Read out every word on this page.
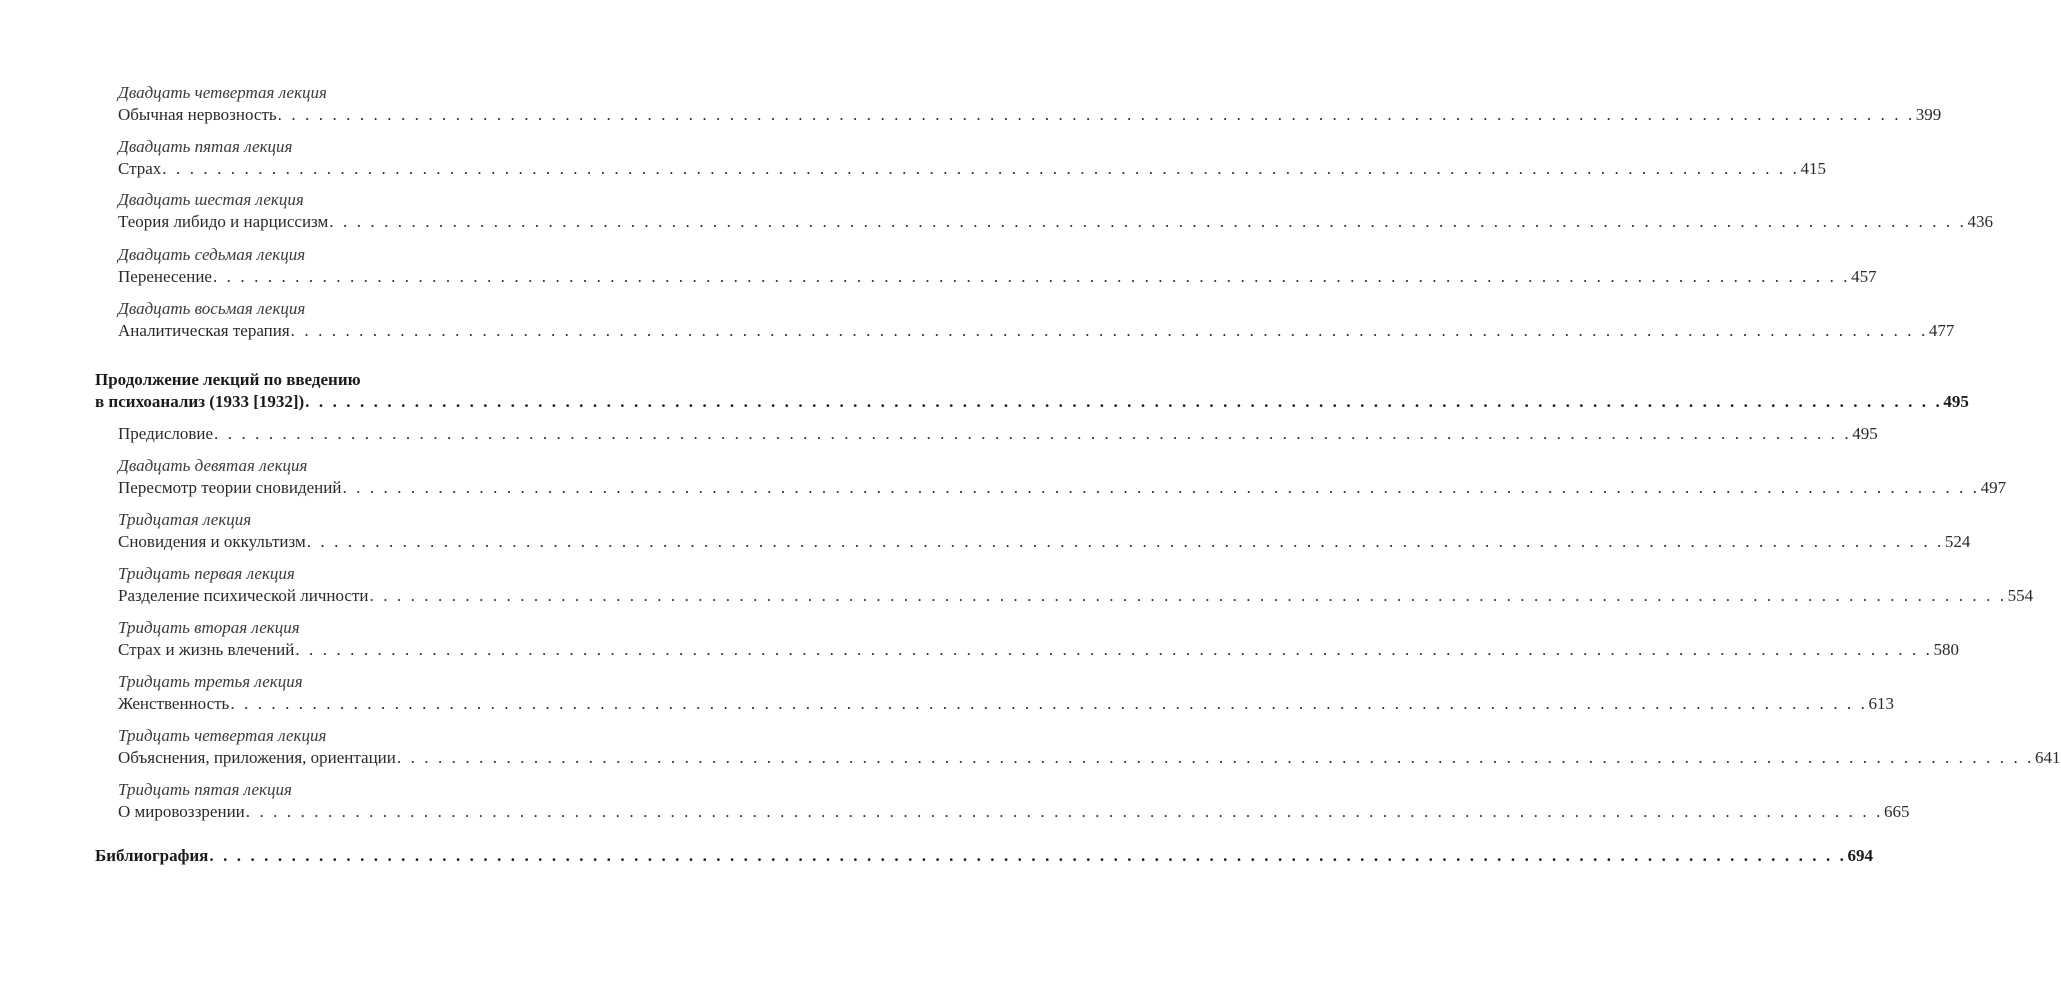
Двадцать четвертая лекция
Обычная нервозность . . . . . . . . . . . . . . . . . . . . . . . . . . . . . . . . . . . . . . . . . . . . . . . . . . . . . . . . . . . . . . . . . . . . . . . . . . . . . . . . . . . . . . . . . . . . . . . . . . . . . . . . . . . . . . . . . . . . . . . . 399
Двадцать пятая лекция
Страх . . . . . . . . . . . . . . . . . . . . . . . . . . . . . . . . . . . . . . . . . . . . . . . . . . . . . . . . . . . . . . . . . . . . . . . . . . . . . . . . . . . . . . . . . . . . . . . . . . . . . . . . . . . . . . . . . . . . . . . . 415
Двадцать шестая лекция
Теория либидо и нарциссизм . . . . . . . . . . . . . . . . . . . . . . . . . . . . . . . . . . . . . . . . . . . . . . . . . . . . . . . . . . . . . . . . . . . . . . . . . . . . . . . . . . . . . . . . . . . . . . . . . . . . . . . . . . . . . . . . . . . . . . . . 436
Двадцать седьмая лекция
Перенесение . . . . . . . . . . . . . . . . . . . . . . . . . . . . . . . . . . . . . . . . . . . . . . . . . . . . . . . . . . . . . . . . . . . . . . . . . . . . . . . . . . . . . . . . . . . . . . . . . . . . . . . . . . . . . . . . . . . . . . . . 457
Двадцать восьмая лекция
Аналитическая терапия . . . . . . . . . . . . . . . . . . . . . . . . . . . . . . . . . . . . . . . . . . . . . . . . . . . . . . . . . . . . . . . . . . . . . . . . . . . . . . . . . . . . . . . . . . . . . . . . . . . . . . . . . . . . . . . . . . . . . . . . 477
Продолжение лекций по введению
в психоанализ (1933 [1932]) . . . . . . . . . . . . . . . . . . . . . . . . . . . . . . . . . . . . . . . . . . . . . . . . . . . . . . . . . . . . . . . . . . . . . . . . . . . . . . . . . . . . . . . . . . . . . . . . . . . . . . . . . . . . . . . . . . . . . . . . 495
Предисловие . . . . . . . . . . . . . . . . . . . . . . . . . . . . . . . . . . . . . . . . . . . . . . . . . . . . . . . . . . . . . . . . . . . . . . . . . . . . . . . . . . . . . . . . . . . . . . . . . . . . . . . . . . . . . . . . . . . . . . . . 495
Двадцать девятая лекция
Пересмотр теории сновидений . . . . . . . . . . . . . . . . . . . . . . . . . . . . . . . . . . . . . . . . . . . . . . . . . . . . . . . . . . . . . . . . . . . . . . . . . . . . . . . . . . . . . . . . . . . . . . . . . . . . . . . . . . . . . . . . . . . . . . . . 497
Тридцатая лекция
Сновидения и оккультизм . . . . . . . . . . . . . . . . . . . . . . . . . . . . . . . . . . . . . . . . . . . . . . . . . . . . . . . . . . . . . . . . . . . . . . . . . . . . . . . . . . . . . . . . . . . . . . . . . . . . . . . . . . . . . . . . . . . . . . . . 524
Тридцать первая лекция
Разделение психической личности . . . . . . . . . . . . . . . . . . . . . . . . . . . . . . . . . . . . . . . . . . . . . . . . . . . . . . . . . . . . . . . . . . . . . . . . . . . . . . . . . . . . . . . . . . . . . . . . . . . . . . . . . . . . . . . . . . . . . . . . 554
Тридцать вторая лекция
Страх и жизнь влечений . . . . . . . . . . . . . . . . . . . . . . . . . . . . . . . . . . . . . . . . . . . . . . . . . . . . . . . . . . . . . . . . . . . . . . . . . . . . . . . . . . . . . . . . . . . . . . . . . . . . . . . . . . . . . . . . . . . . . . . . 580
Тридцать третья лекция
Женственность . . . . . . . . . . . . . . . . . . . . . . . . . . . . . . . . . . . . . . . . . . . . . . . . . . . . . . . . . . . . . . . . . . . . . . . . . . . . . . . . . . . . . . . . . . . . . . . . . . . . . . . . . . . . . . . . . . . . . . . . 613
Тридцать четвертая лекция
Объяснения, приложения, ориентации . . . . . . . . . . . . . . . . . . . . . . . . . . . . . . . . . . . . . . . . . . . . . . . . . . . . . . . . . . . . . . . . . . . . . . . . . . . . . . . . . . . . . . . . . . . . . . . . . . . . . . . . . . . . . . . . . . . . . . . . 641
Тридцать пятая лекция
О мировоззрении . . . . . . . . . . . . . . . . . . . . . . . . . . . . . . . . . . . . . . . . . . . . . . . . . . . . . . . . . . . . . . . . . . . . . . . . . . . . . . . . . . . . . . . . . . . . . . . . . . . . . . . . . . . . . . . . . . . . . . . . 665
Библиография . . . . . . . . . . . . . . . . . . . . . . . . . . . . . . . . . . . . . . . . . . . . . . . . . . . . . . . . . . . . . . . . . . . . . . . . . . . . . . . . . . . . . . . . . . . . . . . . . . . . . . . . . . . . . . . . . . . . . . . . 694
